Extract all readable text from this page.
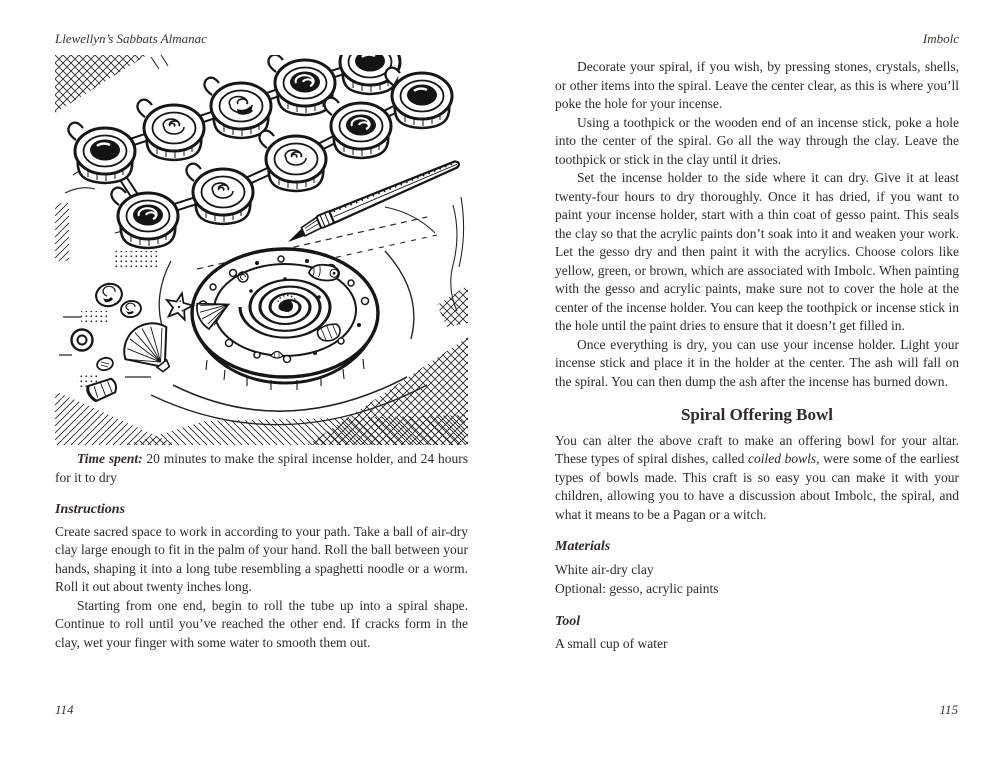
Llewellyn’s Sabbats Almanac

Time spent: 20 minutes to make the spiral incense holder, and 24 hours for it to dry

Instructions

Create sacred space to work in according to your path. Take a ball of air-dry clay large enough to fit in the palm of your hand. Roll the ball between your hands, shaping it into a long tube resembling a spaghetti noodle or a worm. Roll it out about twenty inches long.

Starting from one end, begin to roll the tube up into a spiral shape. Continue to roll until you’ve reached the other end. If cracks form in the clay, wet your finger with some water to smooth them out.

Imbolc

Decorate your spiral, if you wish, by pressing stones, crystals, shells, or other items into the spiral. Leave the center clear, as this is where you’ll poke the hole for your incense.

Using a toothpick or the wooden end of an incense stick, poke a hole into the center of the spiral. Go all the way through the clay. Leave the toothpick or stick in the clay until it dries.

Set the incense holder to the side where it can dry. Give it at least twenty-four hours to dry thoroughly. Once it has dried, if you want to paint your incense holder, start with a thin coat of gesso paint. This seals the clay so that the acrylic paints don’t soak into it and weaken your work. Let the gesso dry and then paint it with the acrylics. Choose colors like yellow, green, or brown, which are associated with Imbolc. When painting with the gesso and acrylic paints, make sure not to cover the hole at the center of the incense holder. You can keep the toothpick or incense stick in the hole until the paint dries to ensure that it doesn’t get filled in.

Once everything is dry, you can use your incense holder. Light your incense stick and place it in the holder at the center. The ash will fall on the spiral. You can then dump the ash after the incense has burned down.

Spiral Offering Bowl

You can alter the above craft to make an offering bowl for your altar. These types of spiral dishes, called coiled bowls, were some of the earliest types of bowls made. This craft is so easy you can make it with your children, allowing you to have a discussion about Imbolc, the spiral, and what it means to be a Pagan or a witch.

Materials

White air-dry clay

Optional: gesso, acrylic paints

Tool

A small cup of water

114	115
